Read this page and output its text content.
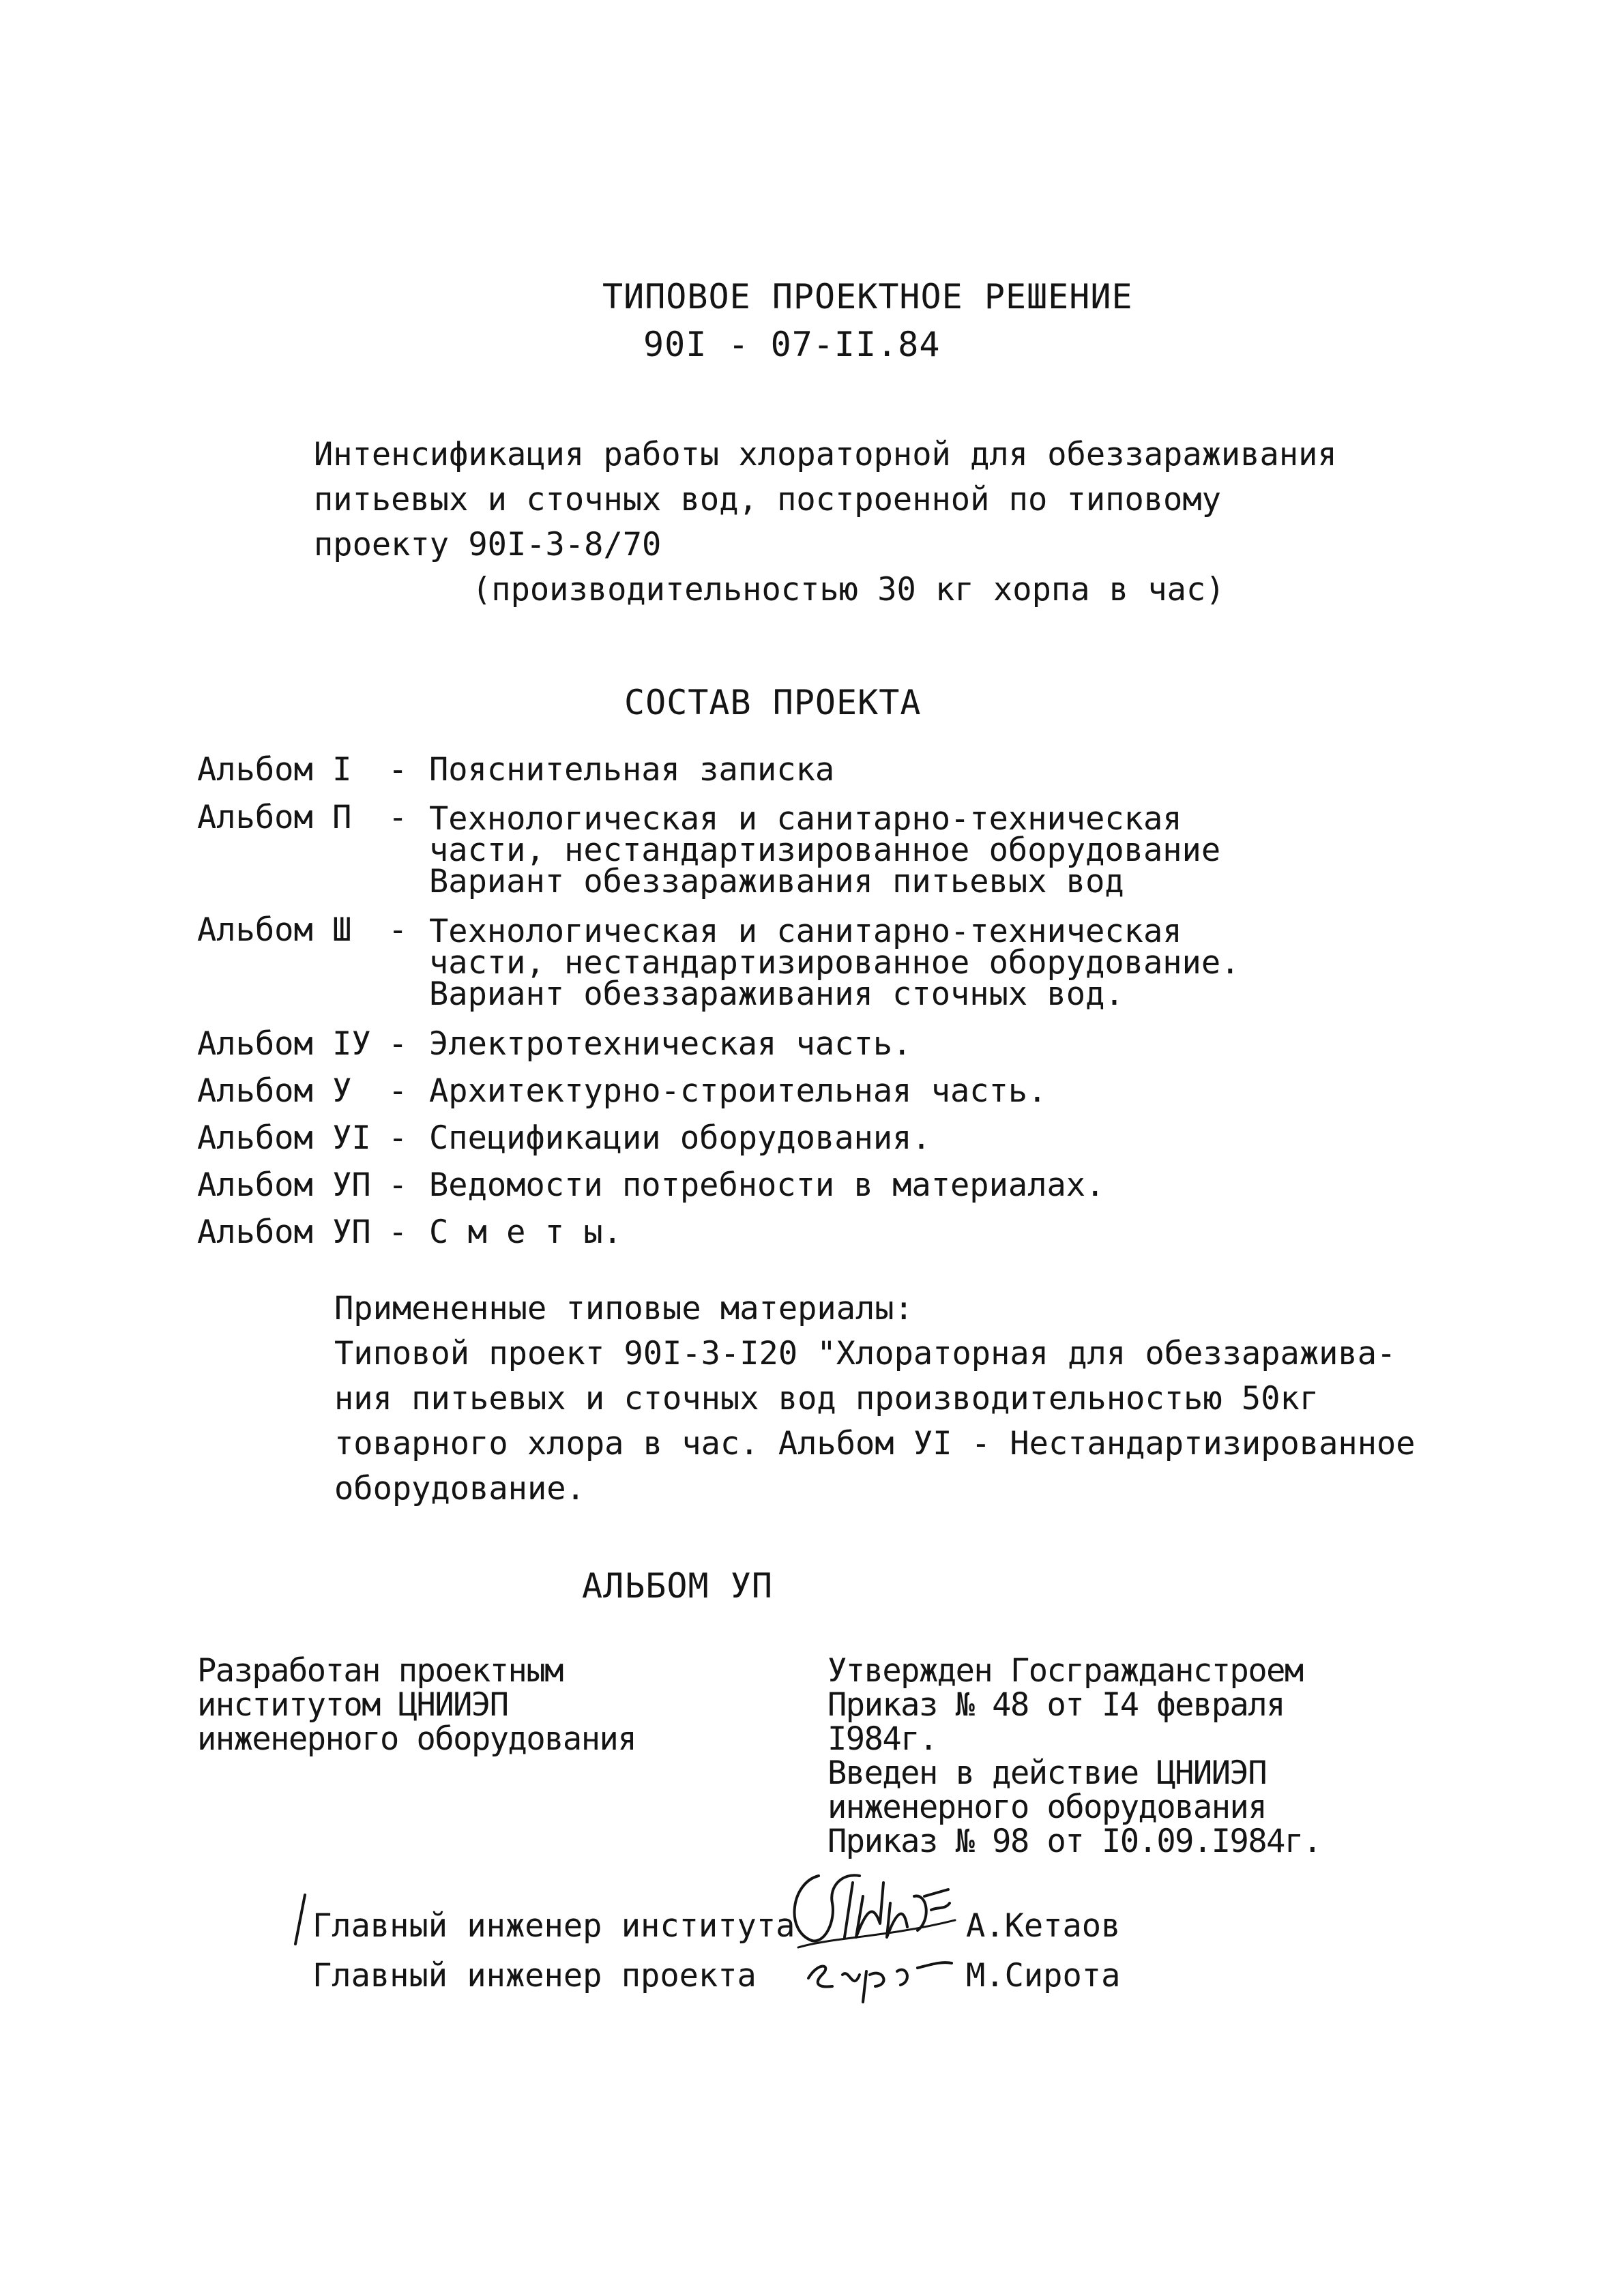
ТИПОВОЕ ПРОЕКТНОЕ РЕШЕНИЕ
90I - 07-II.84
Интенсификация работы хлораторной для обеззараживания
питьевых и сточных вод, построенной по типовому
проекту 90I-3-8/70
(производительностью 30 кг хорпа в час)
СОСТАВ ПРОЕКТА
Альбом I - Пояснительная записка
Альбом П - Технологическая и санитарно-техническая
части, нестандартизированное оборудование
Вариант обеззараживания питьевых вод
Альбом Ш - Технологическая и санитарно-техническая
части, нестандартизированное оборудование.
Вариант обеззараживания сточных вод.
Альбом IУ - Электротехническая часть.
Альбом У - Архитектурно-строительная часть.
Альбом УI - Спецификации оборудования.
Альбом УП - Ведомости потребности в материалах.
Альбом УП - С м е т ы.
Примененные типовые материалы:
Типовой проект 90I-3-I20 "Хлораторная для обеззаражива-
ния питьевых и сточных вод производительностью 50кг
товарного хлора в час. Альбом УI - Нестандартизированное
оборудование.
АЛЬБОМ УП
Разработан проектным
институтом ЦНИИЭП
инженерного оборудования
Утвержден Госгражданстроем
Приказ № 48 от I4 февраля
I984г.
Введен в действие ЦНИИЭП
инженерного оборудования
Приказ № 98 от I0.09.I984г.
Главный инженер института	А.Кетаов
Главный инженер проекта	М.Сирота
